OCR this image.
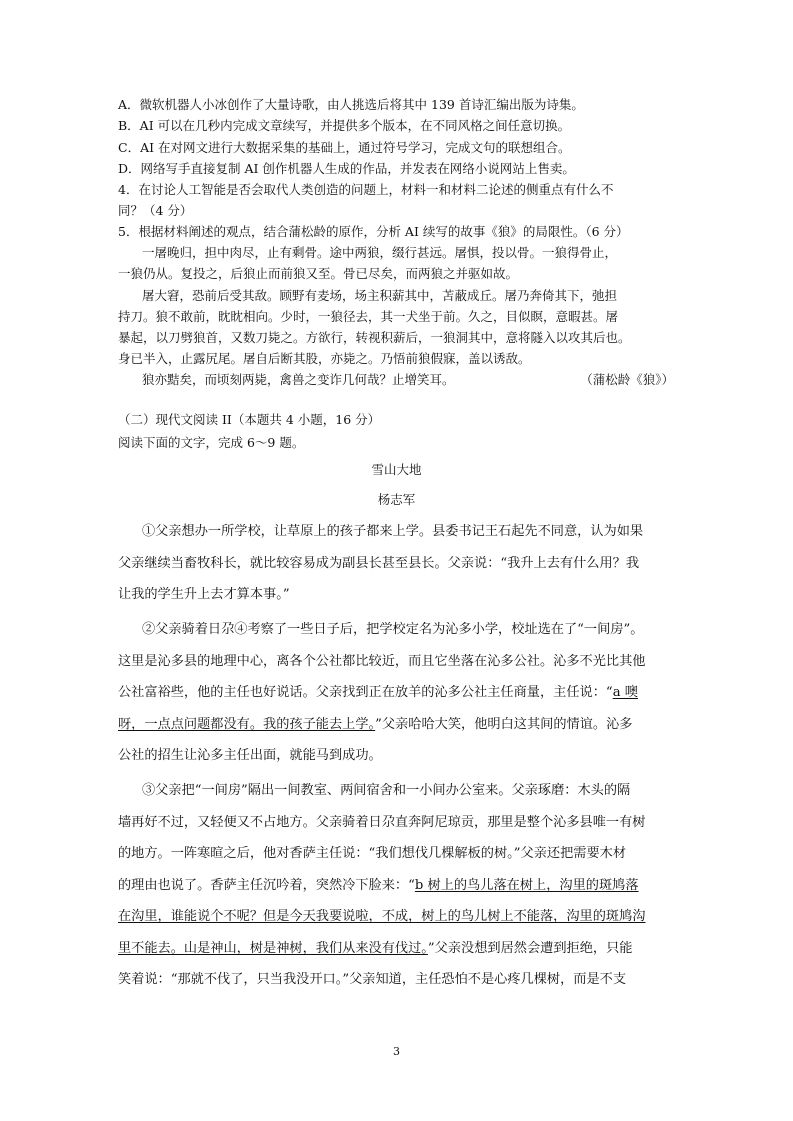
A．微软机器人小冰创作了大量诗歌，由人挑选后将其中 139 首诗汇编出版为诗集。
B．AI 可以在几秒内完成文章续写，并提供多个版本，在不同风格之间任意切换。
C．AI 在对网文进行大数据采集的基础上，通过符号学习，完成文句的联想组合。
D．网络写手直接复制 AI 创作机器人生成的作品，并发表在网络小说网站上售卖。
4．在讨论人工智能是否会取代人类创造的问题上，材料一和材料二论述的侧重点有什么不
同？（4 分）
5．根据材料阐述的观点，结合蒲松龄的原作，分析 AI 续写的故事《狼》的局限性。（6 分）
一屠晚归，担中肉尽，止有剩骨。途中两狼，缀行甚远。屠惧，投以骨。一狼得骨止，
一狼仍从。复投之，后狼止而前狼又至。骨已尽矣，而两狼之并驱如故。
屠大窘，恐前后受其敌。顾野有麦场，场主积薪其中，苫蔽成丘。屠乃奔倚其下，弛担
持刀。狼不敢前，眈眈相向。少时，一狼径去，其一犬坐于前。久之，目似瞑，意暇甚。屠
暴起，以刀劈狼首，又数刀毙之。方欲行，转视积薪后，一狼洞其中，意将隧入以攻其后也。
身已半入，止露尻尾。屠自后断其股，亦毙之。乃悟前狼假寐，盖以诱敌。
狼亦黠矣，而顷刻两毙，禽兽之变诈几何哉？止增笑耳。	（蒲松龄《狼》）
（二）现代文阅读 II（本题共 4 小题，16 分）
阅读下面的文字，完成 6～9 题。
雪山大地
杨志军
①父亲想办一所学校，让草原上的孩子都来上学。县委书记王石起先不同意，认为如果
父亲继续当畜牧科长，就比较容易成为副县长甚至县长。父亲说：“我升上去有什么用？我
让我的学生升上去才算本事。”
②父亲骑着日尕④考察了一些日子后，把学校定名为沁多小学，校址选在了“一间房”。
这里是沁多县的地理中心，离各个公社都比较近，而且它坐落在沁多公社。沁多不光比其他
公社富裕些，他的主任也好说话。父亲找到正在放羊的沁多公社主任商量，主任说：“a 噢
呀，一点点问题都没有。我的孩子能去上学。”父亲哈哈大笑，他明白这其间的情谊。沁多
公社的招生让沁多主任出面，就能马到成功。
③父亲把“一间房”隔出一间教室、两间宿舍和一小间办公室来。父亲琢磨：木头的隔
墙再好不过，又轻便又不占地方。父亲骑着日尕直奔阿尼琼贡，那里是整个沁多县唯一有树
的地方。一阵寒暄之后，他对香萨主任说：“我们想伐几棵解板的树。”父亲还把需要木材
的理由也说了。香萨主任沉吟着，突然冷下脸来：“b 树上的鸟儿落在树上，沟里的斑鸠落
在沟里，谁能说个不呢？但是今天我要说啦，不成，树上的鸟儿树上不能落，沟里的斑鸠沟
里不能去。山是神山，树是神树，我们从来没有伐过。”父亲没想到居然会遭到拒绝，只能
笑着说：“那就不伐了，只当我没开口。”父亲知道，主任恐怕不是心疼几棵树，而是不支
3
